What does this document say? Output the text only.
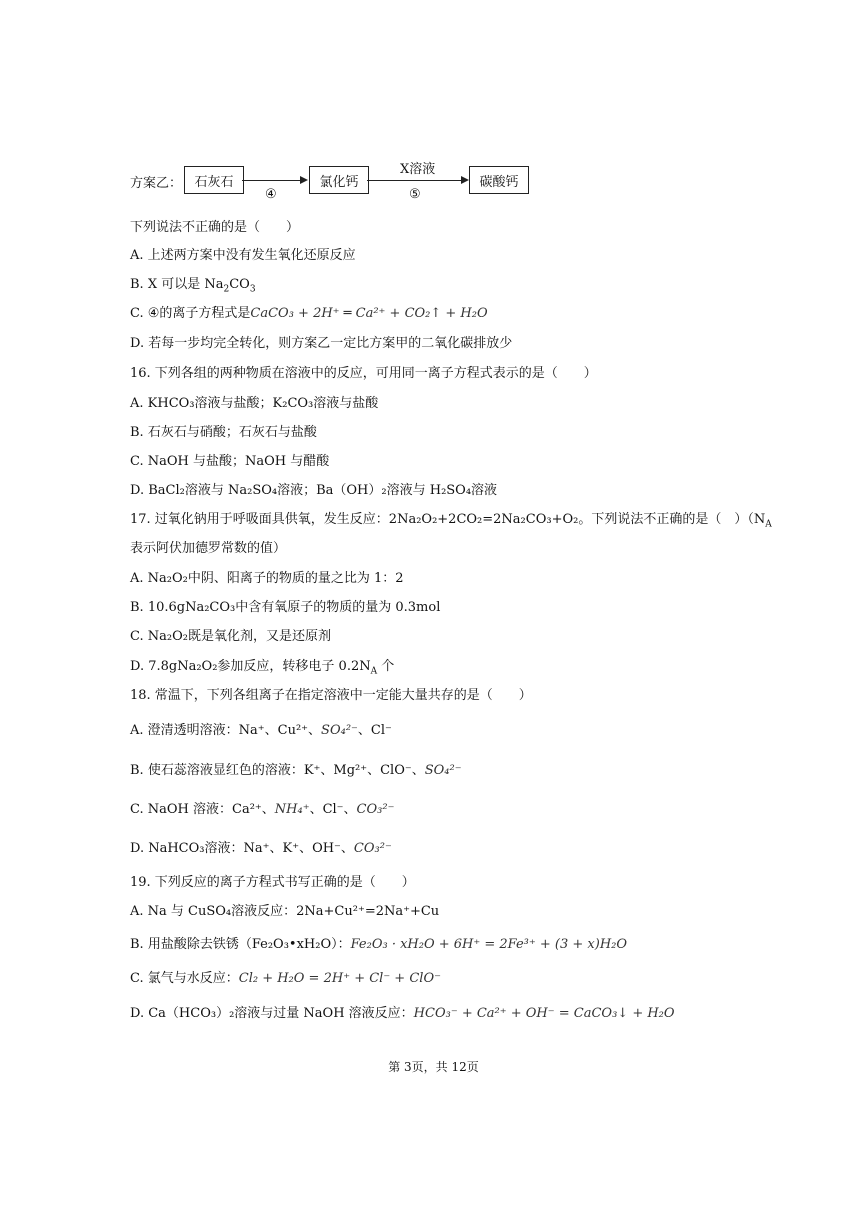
方案乙： 石灰石
④
氯化钙
X溶液
⑤
碳酸钙
下列说法不正确的是（　　）
A. 上述两方案中没有发生氧化还原反应
B. X 可以是 $Na_2CO_3$
C. ④的离子方程式是CaCO₃ + 2H⁺ ═ Ca²⁺ + CO₂↑ + H₂O
D. 若每一步均完全转化，则方案乙一定比方案甲的二氧化碳排放少
16. 下列各组的两种物质在溶液中的反应，可用同一离子方程式表示的是（　　）
A. KHCO₃溶液与盐酸；K₂CO₃溶液与盐酸
B. 石灰石与硝酸；石灰石与盐酸
C. NaOH 与盐酸；NaOH 与醋酸
D. BaCl₂溶液与 Na₂SO₄溶液；Ba（OH）₂溶液与 H₂SO₄溶液
17. 过氧化钠用于呼吸面具供氧，发生反应：2Na₂O₂+2CO₂=2Na₂CO₃+O₂。下列说法不正确的是（　）（$N_A$
表示阿伏加德罗常数的值）
A. Na₂O₂中阴、阳离子的物质的量之比为 1：2
B. 10.6gNa₂CO₃中含有氧原子的物质的量为 0.3mol
C. Na₂O₂既是氧化剂，又是还原剂
D. 7.8gNa₂O₂参加反应，转移电子 $0.2N_A$ 个
18. 常温下，下列各组离子在指定溶液中一定能大量共存的是（　　）
A. 澄清透明溶液：Na⁺、Cu²⁺、SO₄²⁻、Cl⁻
B. 使石蕊溶液显红色的溶液：K⁺、Mg²⁺、ClO⁻、SO₄²⁻
C. NaOH 溶液：Ca²⁺、NH₄⁺、Cl⁻、CO₃²⁻
D. NaHCO₃溶液：Na⁺、K⁺、OH⁻、CO₃²⁻
19. 下列反应的离子方程式书写正确的是（　　）
A. Na 与 CuSO₄溶液反应：2Na+Cu²⁺=2Na⁺+Cu
B. 用盐酸除去铁锈（Fe₂O₃•xH₂O）：Fe₂O₃ · xH₂O + 6H⁺ = 2Fe³⁺ + (3 + x)H₂O
C. 氯气与水反应：Cl₂ + H₂O = 2H⁺ + Cl⁻ + ClO⁻
D. Ca（HCO₃）₂溶液与过量 NaOH 溶液反应：HCO₃⁻ + Ca²⁺ + OH⁻ = CaCO₃↓ + H₂O
第 3页，共 12页
